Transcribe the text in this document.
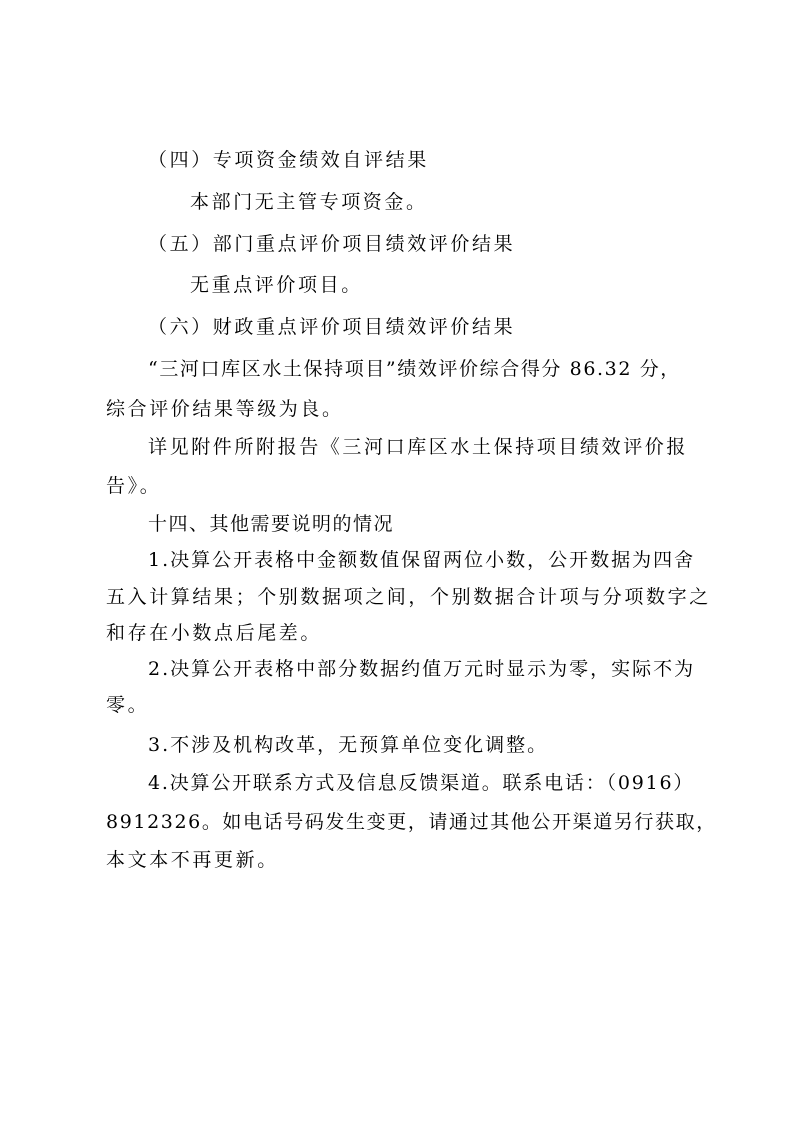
（四）专项资金绩效自评结果
本部门无主管专项资金。
（五）部门重点评价项目绩效评价结果
无重点评价项目。
（六）财政重点评价项目绩效评价结果
“三河口库区水土保持项目”绩效评价综合得分 86.32 分，
综合评价结果等级为良。
详见附件所附报告《三河口库区水土保持项目绩效评价报
告》。
十四、其他需要说明的情况
1.决算公开表格中金额数值保留两位小数，公开数据为四舍
五入计算结果；个别数据项之间，个别数据合计项与分项数字之
和存在小数点后尾差。
2.决算公开表格中部分数据约值万元时显示为零，实际不为
零。
3.不涉及机构改革，无预算单位变化调整。
4.决算公开联系方式及信息反馈渠道。联系电话：（0916）
8912326。如电话号码发生变更，请通过其他公开渠道另行获取，
本文本不再更新。
